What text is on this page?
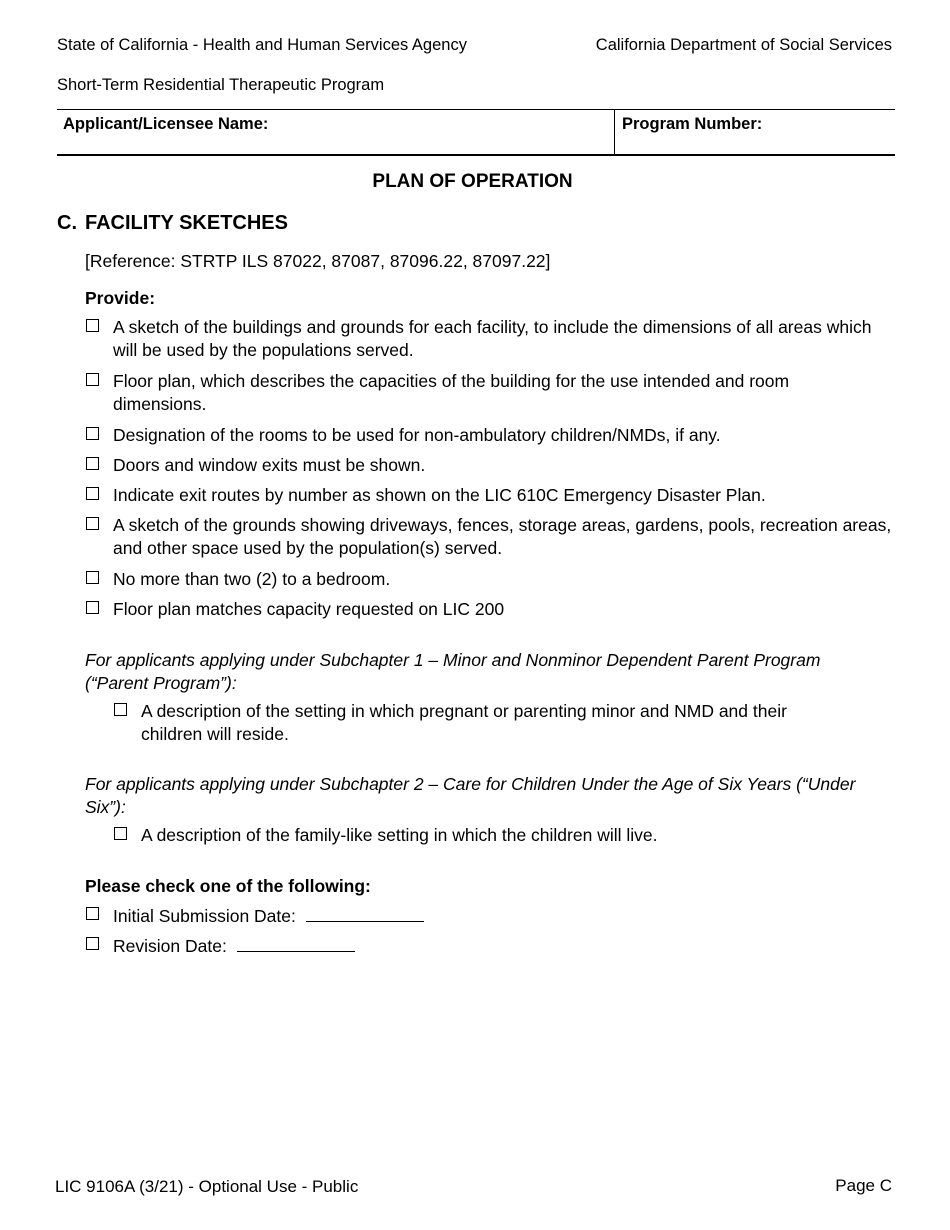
State of California - Health and Human Services Agency	California Department of Social Services
Short-Term Residential Therapeutic Program
Applicant/Licensee Name:	Program Number:
PLAN OF OPERATION
C. FACILITY SKETCHES
[Reference: STRTP ILS 87022, 87087, 87096.22, 87097.22]
Provide:
A sketch of the buildings and grounds for each facility, to include the dimensions of all areas which will be used by the populations served.
Floor plan, which describes the capacities of the building for the use intended and room dimensions.
Designation of the rooms to be used for non-ambulatory children/NMDs, if any.
Doors and window exits must be shown.
Indicate exit routes by number as shown on the LIC 610C Emergency Disaster Plan.
A sketch of the grounds showing driveways, fences, storage areas, gardens, pools, recreation areas, and other space used by the population(s) served.
No more than two (2) to a bedroom.
Floor plan matches capacity requested on LIC 200
For applicants applying under Subchapter 1 – Minor and Nonminor Dependent Parent Program (“Parent Program”):
A description of the setting in which pregnant or parenting minor and NMD and their children will reside.
For applicants applying under Subchapter 2 – Care for Children Under the Age of Six Years (“Under Six”):
A description of the family-like setting in which the children will live.
Please check one of the following:
Initial Submission Date:
Revision Date:
LIC 9106A (3/21) - Optional Use - Public	Page C
